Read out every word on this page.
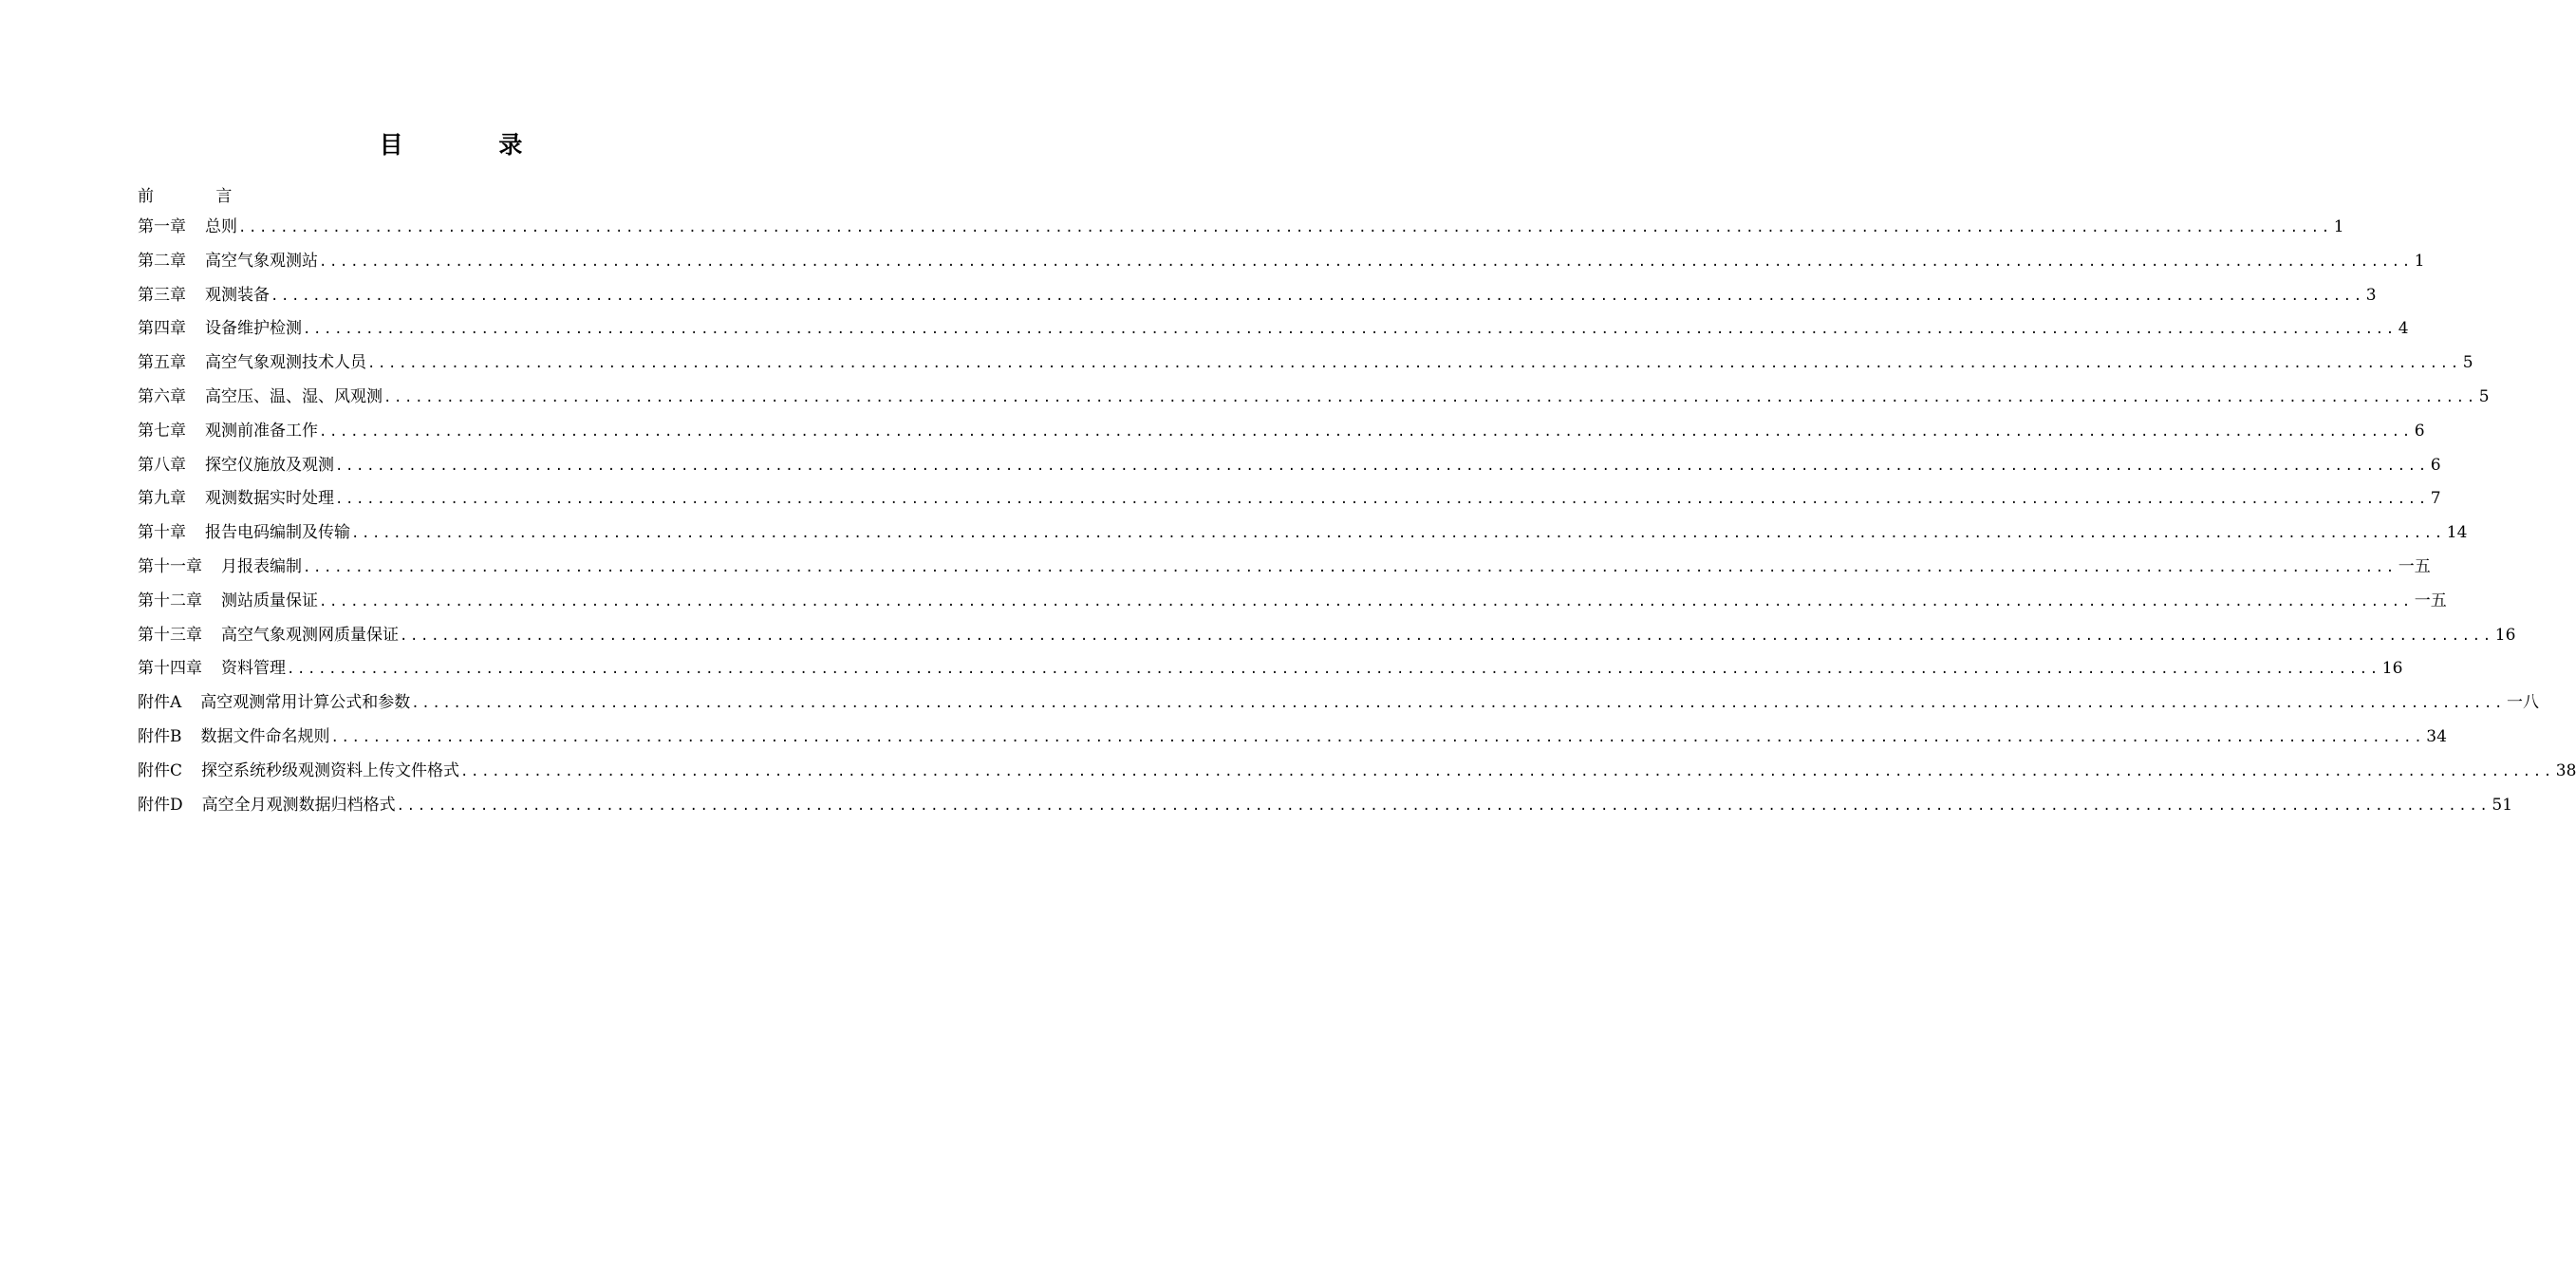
目 录
前 言
第一章 总则 ........................................................................................................................................................................................................ 1
第二章 高空气象观测站 ........................................................................................................................................................................................................ 1
第三章 观测装备 ........................................................................................................................................................................................................ 3
第四章 设备维护检测 ........................................................................................................................................................................................................ 4
第五章 高空气象观测技术人员 ........................................................................................................................................................................................................ 5
第六章 高空压、温、湿、风观测 ........................................................................................................................................................................................................ 5
第七章 观测前准备工作 ........................................................................................................................................................................................................ 6
第八章 探空仪施放及观测 ........................................................................................................................................................................................................ 6
第九章 观测数据实时处理 ........................................................................................................................................................................................................ 7
第十章 报告电码编制及传输 ........................................................................................................................................................................................................ 14
第十一章 月报表编制 ........................................................................................................................................................................................................ 一五
第十二章 测站质量保证 ........................................................................................................................................................................................................ 一五
第十三章 高空气象观测网质量保证 ........................................................................................................................................................................................................ 16
第十四章 资料管理 ........................................................................................................................................................................................................ 16
附件A 高空观测常用计算公式和参数 ........................................................................................................................................................................................................ 一八
附件B 数据文件命名规则 ........................................................................................................................................................................................................ 34
附件C 探空系统秒级观测资料上传文件格式 ........................................................................................................................................................................................................ 38
附件D 高空全月观测数据归档格式 ........................................................................................................................................................................................................ 51
